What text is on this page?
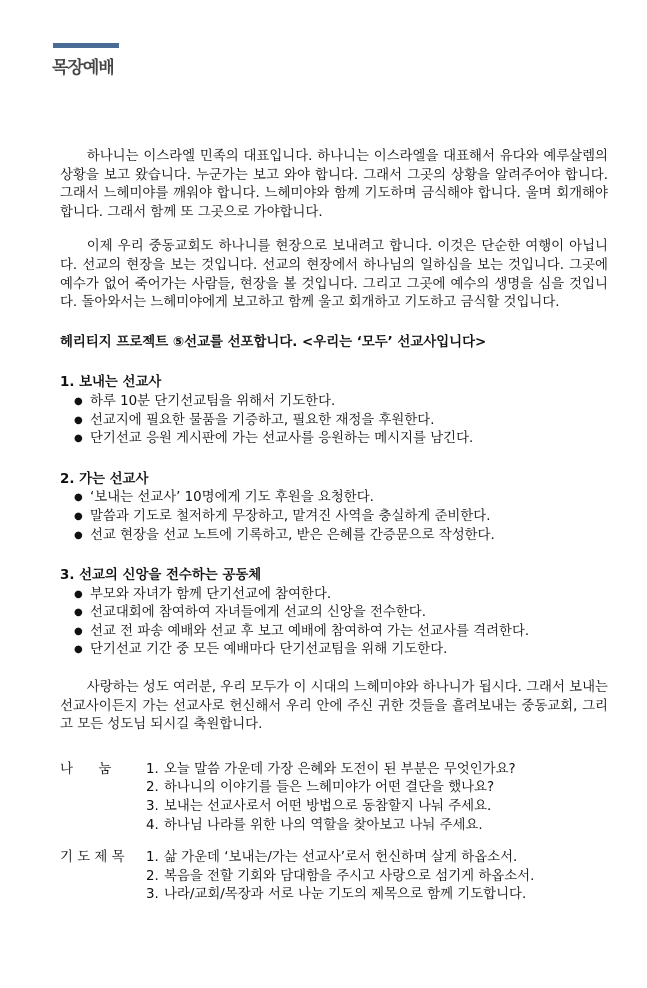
목장예배

하나니는 이스라엘 민족의 대표입니다. 하나니는 이스라엘을 대표해서 유다와 예루살렘의 상황을 보고 왔습니다. 누군가는 보고 와야 합니다. 그래서 그곳의 상황을 알려주어야 합니다. 그래서 느헤미야를 깨워야 합니다. 느헤미야와 함께 기도하며 금식해야 합니다. 울며 회개해야 합니다. 그래서 함께 또 그곳으로 가야합니다.

이제 우리 중동교회도 하나니를 현장으로 보내려고 합니다. 이것은 단순한 여행이 아닙니다. 선교의 현장을 보는 것입니다. 선교의 현장에서 하나님의 일하심을 보는 것입니다. 그곳에 예수가 없어 죽어가는 사람들, 현장을 볼 것입니다. 그리고 그곳에 예수의 생명을 심을 것입니다. 돌아와서는 느헤미야에게 보고하고 함께 울고 회개하고 기도하고 금식할 것입니다.

헤리티지 프로젝트 ⑤선교를 선포합니다. <우리는 ‘모두’ 선교사입니다>

1. 보내는 선교사

● 하루 10분 단기선교팀을 위해서 기도한다.
● 선교지에 필요한 물품을 기증하고, 필요한 재정을 후원한다.
● 단기선교 응원 게시판에 가는 선교사를 응원하는 메시지를 남긴다.

2. 가는 선교사

● ‘보내는 선교사’ 10명에게 기도 후원을 요청한다.
● 말씀과 기도로 철저하게 무장하고, 맡겨진 사역을 충실하게 준비한다.
● 선교 현장을 선교 노트에 기록하고, 받은 은혜를 간증문으로 작성한다.

3. 선교의 신앙을 전수하는 공동체

● 부모와 자녀가 함께 단기선교에 참여한다.
● 선교대회에 참여하여 자녀들에게 선교의 신앙을 전수한다.
● 선교 전 파송 예배와 선교 후 보고 예배에 참여하여 가는 선교사를 격려한다.
● 단기선교 기간 중 모든 예배마다 단기선교팀을 위해 기도한다.

사랑하는 성도 여러분, 우리 모두가 이 시대의 느헤미야와 하나니가 됩시다. 그래서 보내는 선교사이든지 가는 선교사로 헌신해서 우리 안에 주신 귀한 것들을 흘려보내는 중동교회, 그리고 모든 성도님 되시길 축원합니다.

나      눔	1. 오늘 말씀 가운데 가장 은혜와 도전이 된 부분은 무엇인가요?
2. 하나니의 이야기를 들은 느헤미야가 어떤 결단을 했나요?
3. 보내는 선교사로서 어떤 방법으로 동참할지 나눠 주세요.
4. 하나님 나라를 위한 나의 역할을 찾아보고 나눠 주세요.
기 도 제 목	1. 삶 가운데 ‘보내는/가는 선교사’로서 헌신하며 살게 하옵소서.
2. 복음을 전할 기회와 담대함을 주시고 사랑으로 섬기게 하옵소서.
3. 나라/교회/목장과 서로 나눈 기도의 제목으로 함께 기도합니다.
